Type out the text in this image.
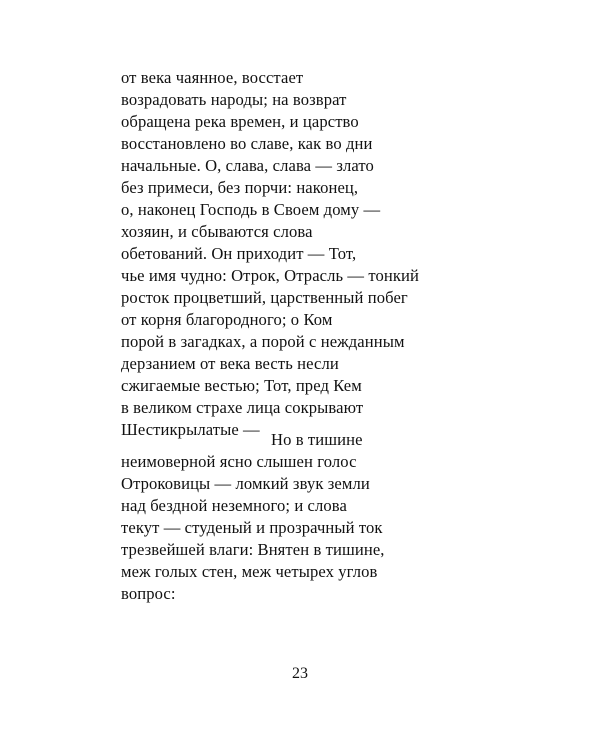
от века чаянное, восстает
возрадовать народы; на возврат
обращена река времен, и царство
восстановлено во славе, как во дни
начальные. О, слава, слава — злато
без примеси, без порчи: наконец,
о, наконец Господь в Своем дому —
хозяин, и сбываются слова
обетований. Он приходит — Тот,
чье имя чудно: Отрок, Отрасль — тонкий
росток процветший, царственный побег
от корня благородного; о Ком
порой в загадках, а порой с нежданным
дерзанием от века весть несли
сжигаемые вестью; Тот, пред Кем
в великом страхе лица сокрывают
Шестикрылатые —
Но в тишине
неимоверной ясно слышен голос
Отроковицы — ломкий звук земли
над бездной неземного; и слова
текут — студеный и прозрачный ток
трезвейшей влаги: Внятен в тишине,
меж голых стен, меж четырех углов
вопрос:
23
